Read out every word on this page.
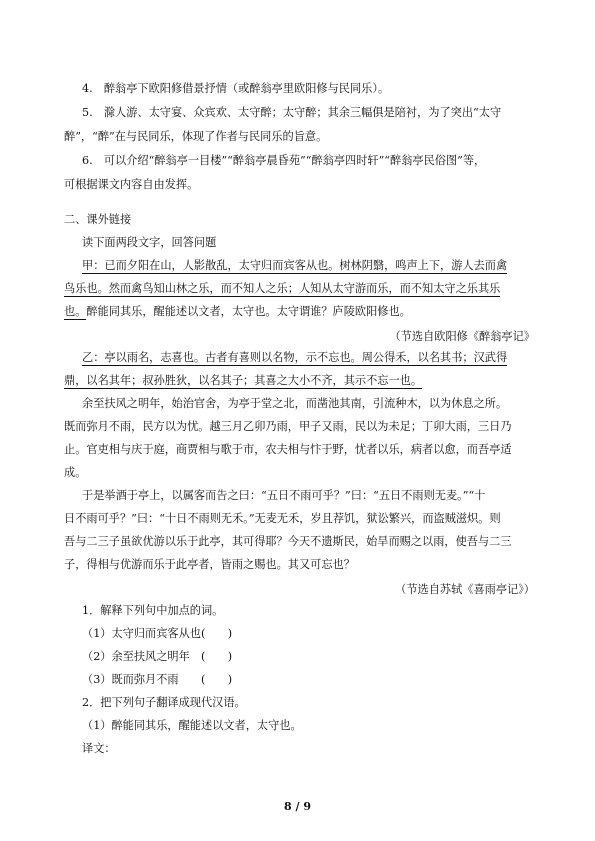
4.　醉翁亭下欧阳修借景抒情（或醉翁亭里欧阳修与民同乐）。
5.　滁人游、太守宴、众宾欢、太守醉；太守醉；其余三幅俱是陪衬，为了突出“太守
醉”，“醉”在与民同乐，体现了作者与民同乐的旨意。
6.　可以介绍“醉翁亭一目楼”“醉翁亭晨昏苑”“醉翁亭四时轩”“醉翁亭民俗图”等，
可根据课文内容自由发挥。
二、课外链接
读下面两段文字，回答问题
甲：已而夕阳在山，人影散乱，太守归而宾客从也。树林阴翳，鸣声上下，游人去而禽
鸟乐也。然而禽鸟知山林之乐，而不知人之乐；人知从太守游而乐，而不知太守之乐其乐
也。醉能同其乐，醒能述以文者，太守也。太守谓谁？庐陵欧阳修也。
（节选自欧阳修《醉翁亭记》
乙：亭以雨名，志喜也。古者有喜则以名物，示不忘也。周公得禾，以名其书；汉武得
鼎，以名其年；叔孙胜狄，以名其子；其喜之大小不齐，其示不忘一也。
余至扶风之明年，始治官舍，为亭于堂之北，而凿池其南，引流种木，以为休息之所。
既而弥月不雨，民方以为忧。越三月乙卯乃雨，甲子又雨，民以为未足；丁卯大雨，三日乃
止。官吏相与庆于庭，商贾相与歌于市，农夫相与忭于野，忧者以乐，病者以愈，而吾亭适
成。
于是举酒于亭上，以属客而告之曰：“五日不雨可乎？”曰：“五日不雨则无麦。”“十
日不雨可乎？”曰：“十日不雨则无禾。”无麦无禾，岁且荐饥，狱讼繁兴，而盗贼滋炽。则
吾与二三子虽欲优游以乐于此亭，其可得耶？今天不遗斯民，始旱而赐之以雨，使吾与二三
子，得相与优游而乐于此亭者，皆雨之赐也。其又可忘也？
（节选自苏轼《喜雨亭记》）
1．解释下列句中加点的词。
（1）太守归而宾客从也(　　)
（2）余至扶风之明年　(　　)
（3）既而弥月不雨　　(　　)
2．把下列句子翻译成现代汉语。
（1）醉能同其乐，醒能述以文者，太守也。
译文：
8 / 9
